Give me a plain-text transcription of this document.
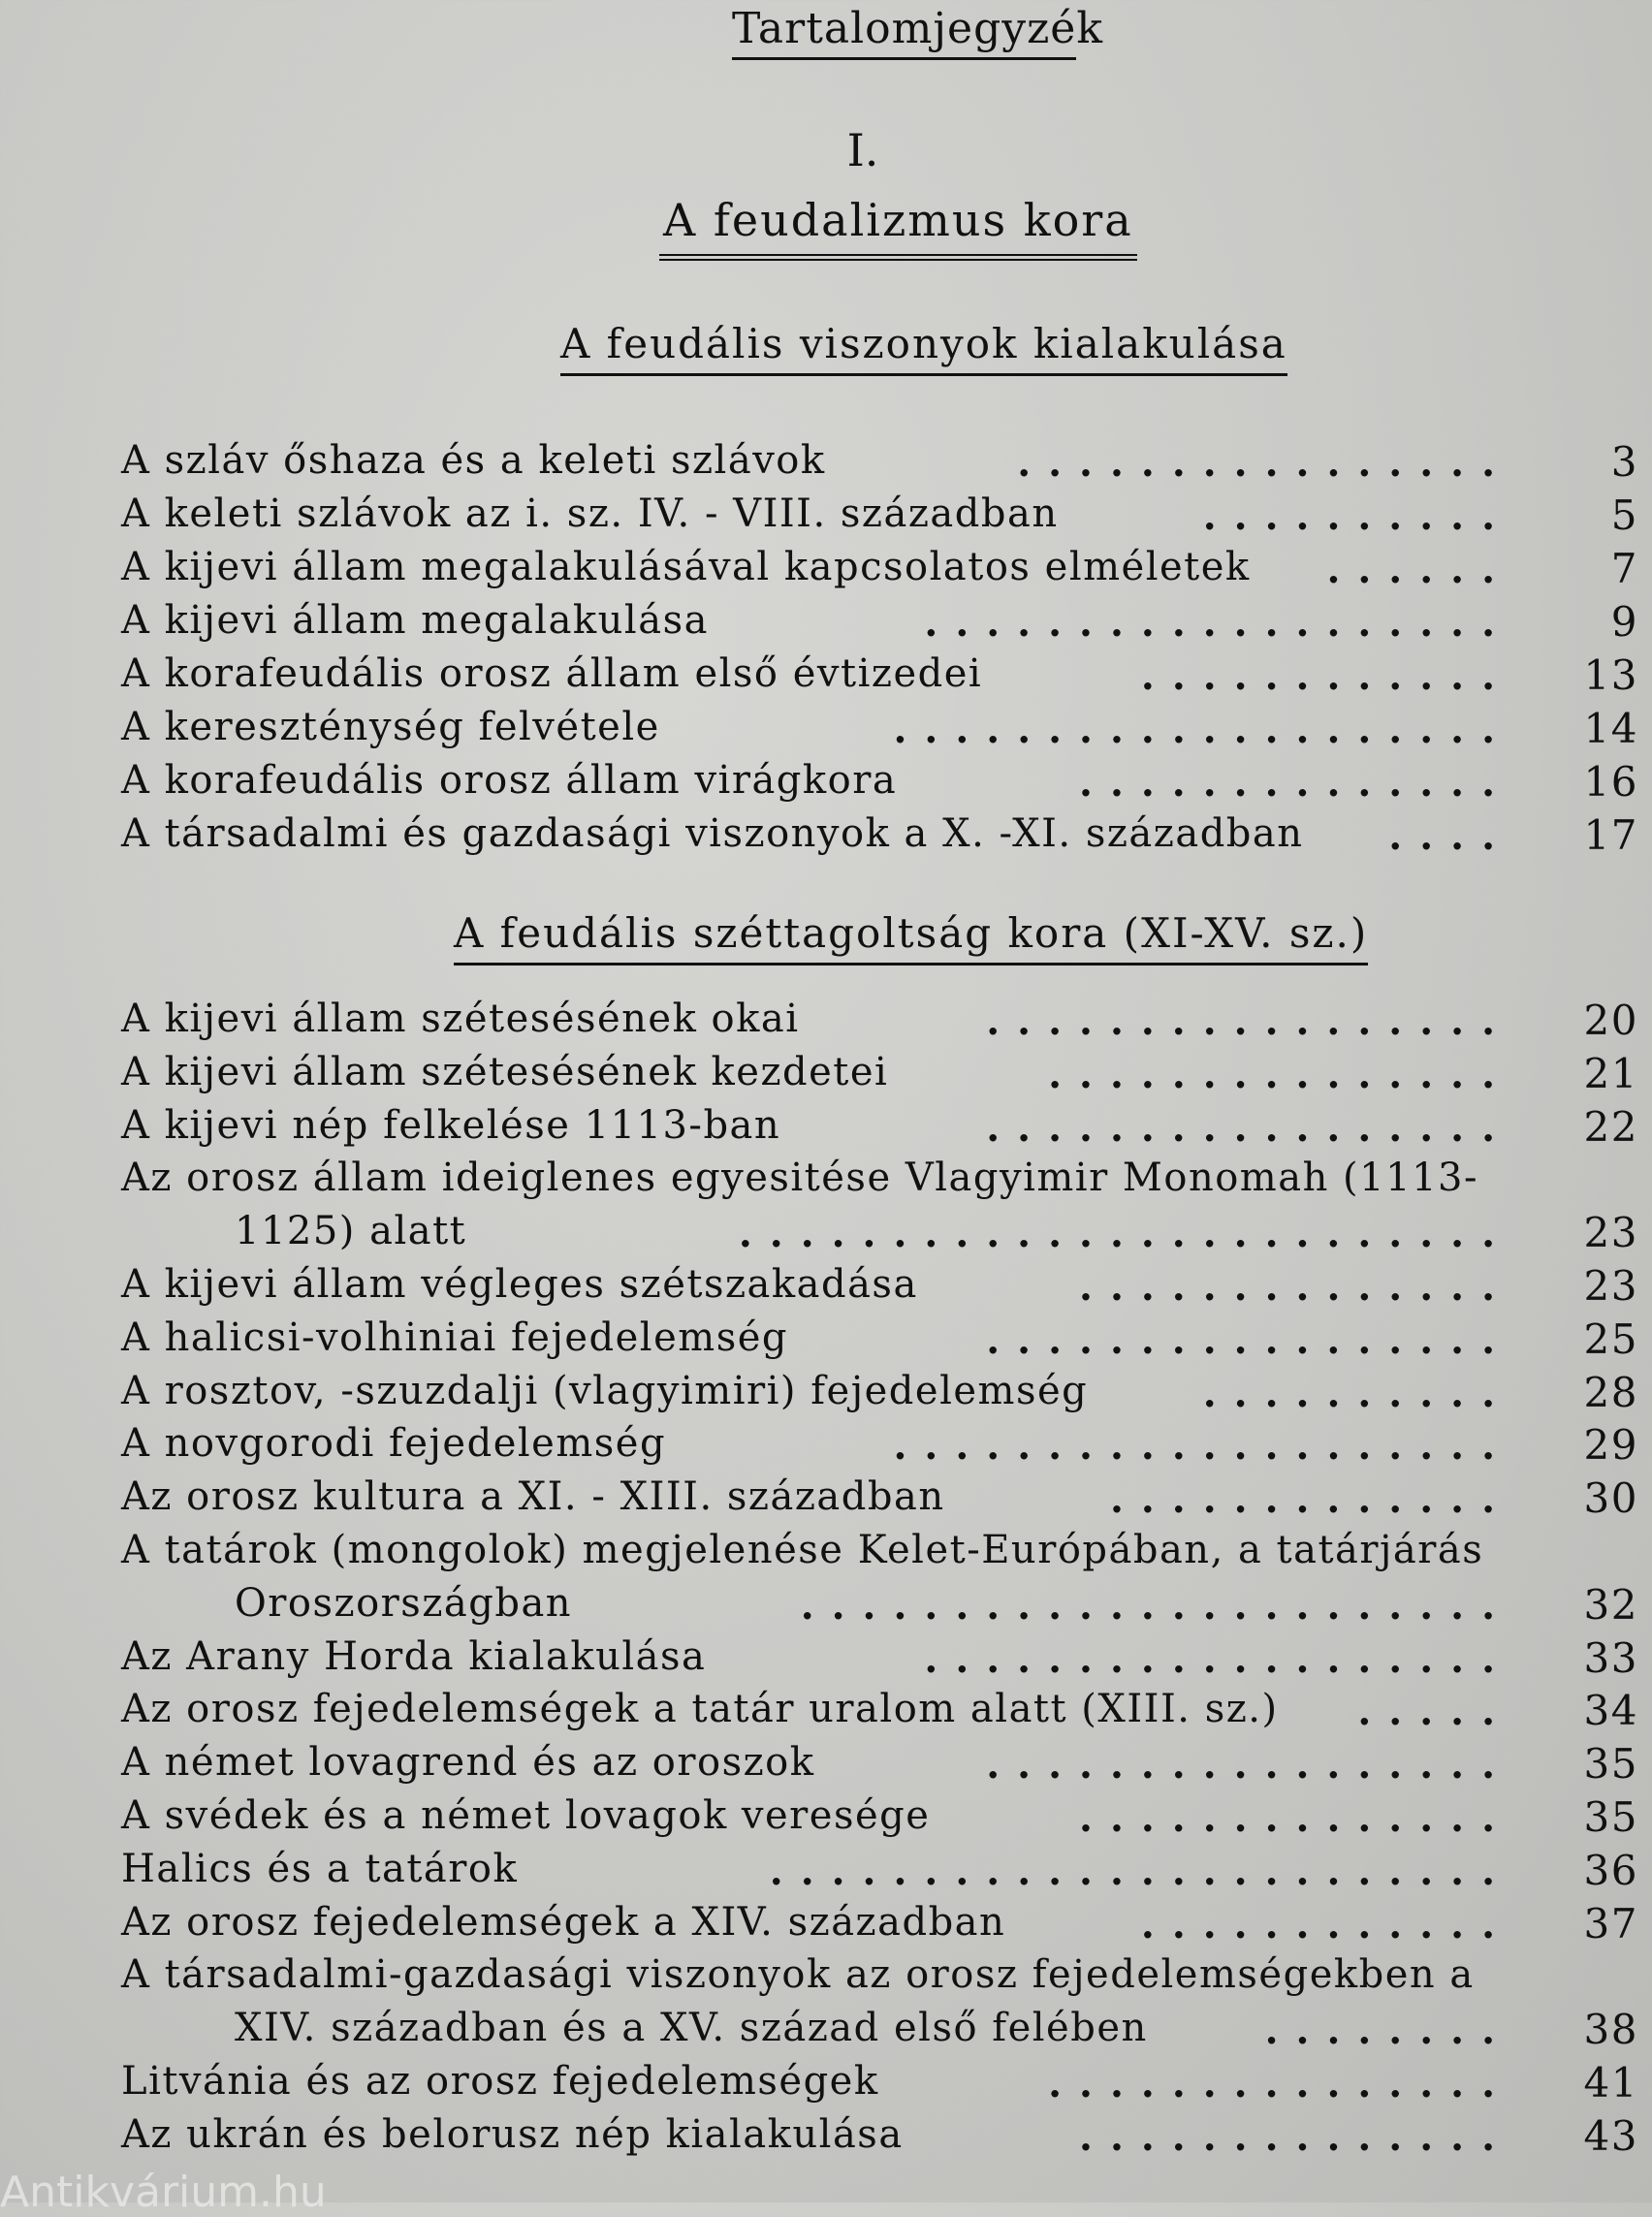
Tartalomjegyzék
I.
A feudalizmus kora
A feudális viszonyok kialakulása
A feudális széttagoltság kora (XI-XV. sz.)
A szláv őshaza és a keleti szlávok	................	3
A keleti szlávok az i. sz. IV. - VIII. században	..........	5
A kijevi állam megalakulásával kapcsolatos elméletek ......	7
A kijevi állam megalakulása	...................	9
A korafeudális orosz állam első évtizedei	............	13
A kereszténység felvétele	....................	14
A korafeudális orosz állam virágkora	..............	16
A társadalmi és gazdasági viszonyok a X. -XI. században ....	17
A kijevi állam szétesésének okai	.................	20
A kijevi állam szétesésének kezdetei	...............	21
A kijevi nép felkelése 1113-ban	.................	22
Az orosz állam ideiglenes egyesitése Vlagyimir Monomah (1113-
1125) alatt	.........................	23
A kijevi állam végleges szétszakadása	..............	23
A halicsi-volhiniai fejedelemség	.................	25
A rosztov, -szuzdalji (vlagyimiri) fejedelemség	..........	28
A novgorodi fejedelemség	....................	29
Az orosz kultura a XI. - XIII. században	.............	30
A tatárok (mongolok) megjelenése Kelet-Európában, a tatárjárás
Oroszországban	.......................	32
Az Arany Horda kialakulása	...................	33
Az orosz fejedelemségek a tatár uralom alatt (XIII. sz.) .....	34
A német lovagrend és az oroszok	.................	35
A svédek és a német lovagok veresége	..............	35
Halics és a tatárok	........................	36
Az orosz fejedelemségek a XIV. században	............	37
A társadalmi-gazdasági viszonyok az orosz fejedelemségekben a
XIV. században és a XV. század első felében	........	38
Litvánia és az orosz fejedelemségek	...............	41
Az ukrán és belorusz nép kialakulása	..............	43
Antikvárium.hu
